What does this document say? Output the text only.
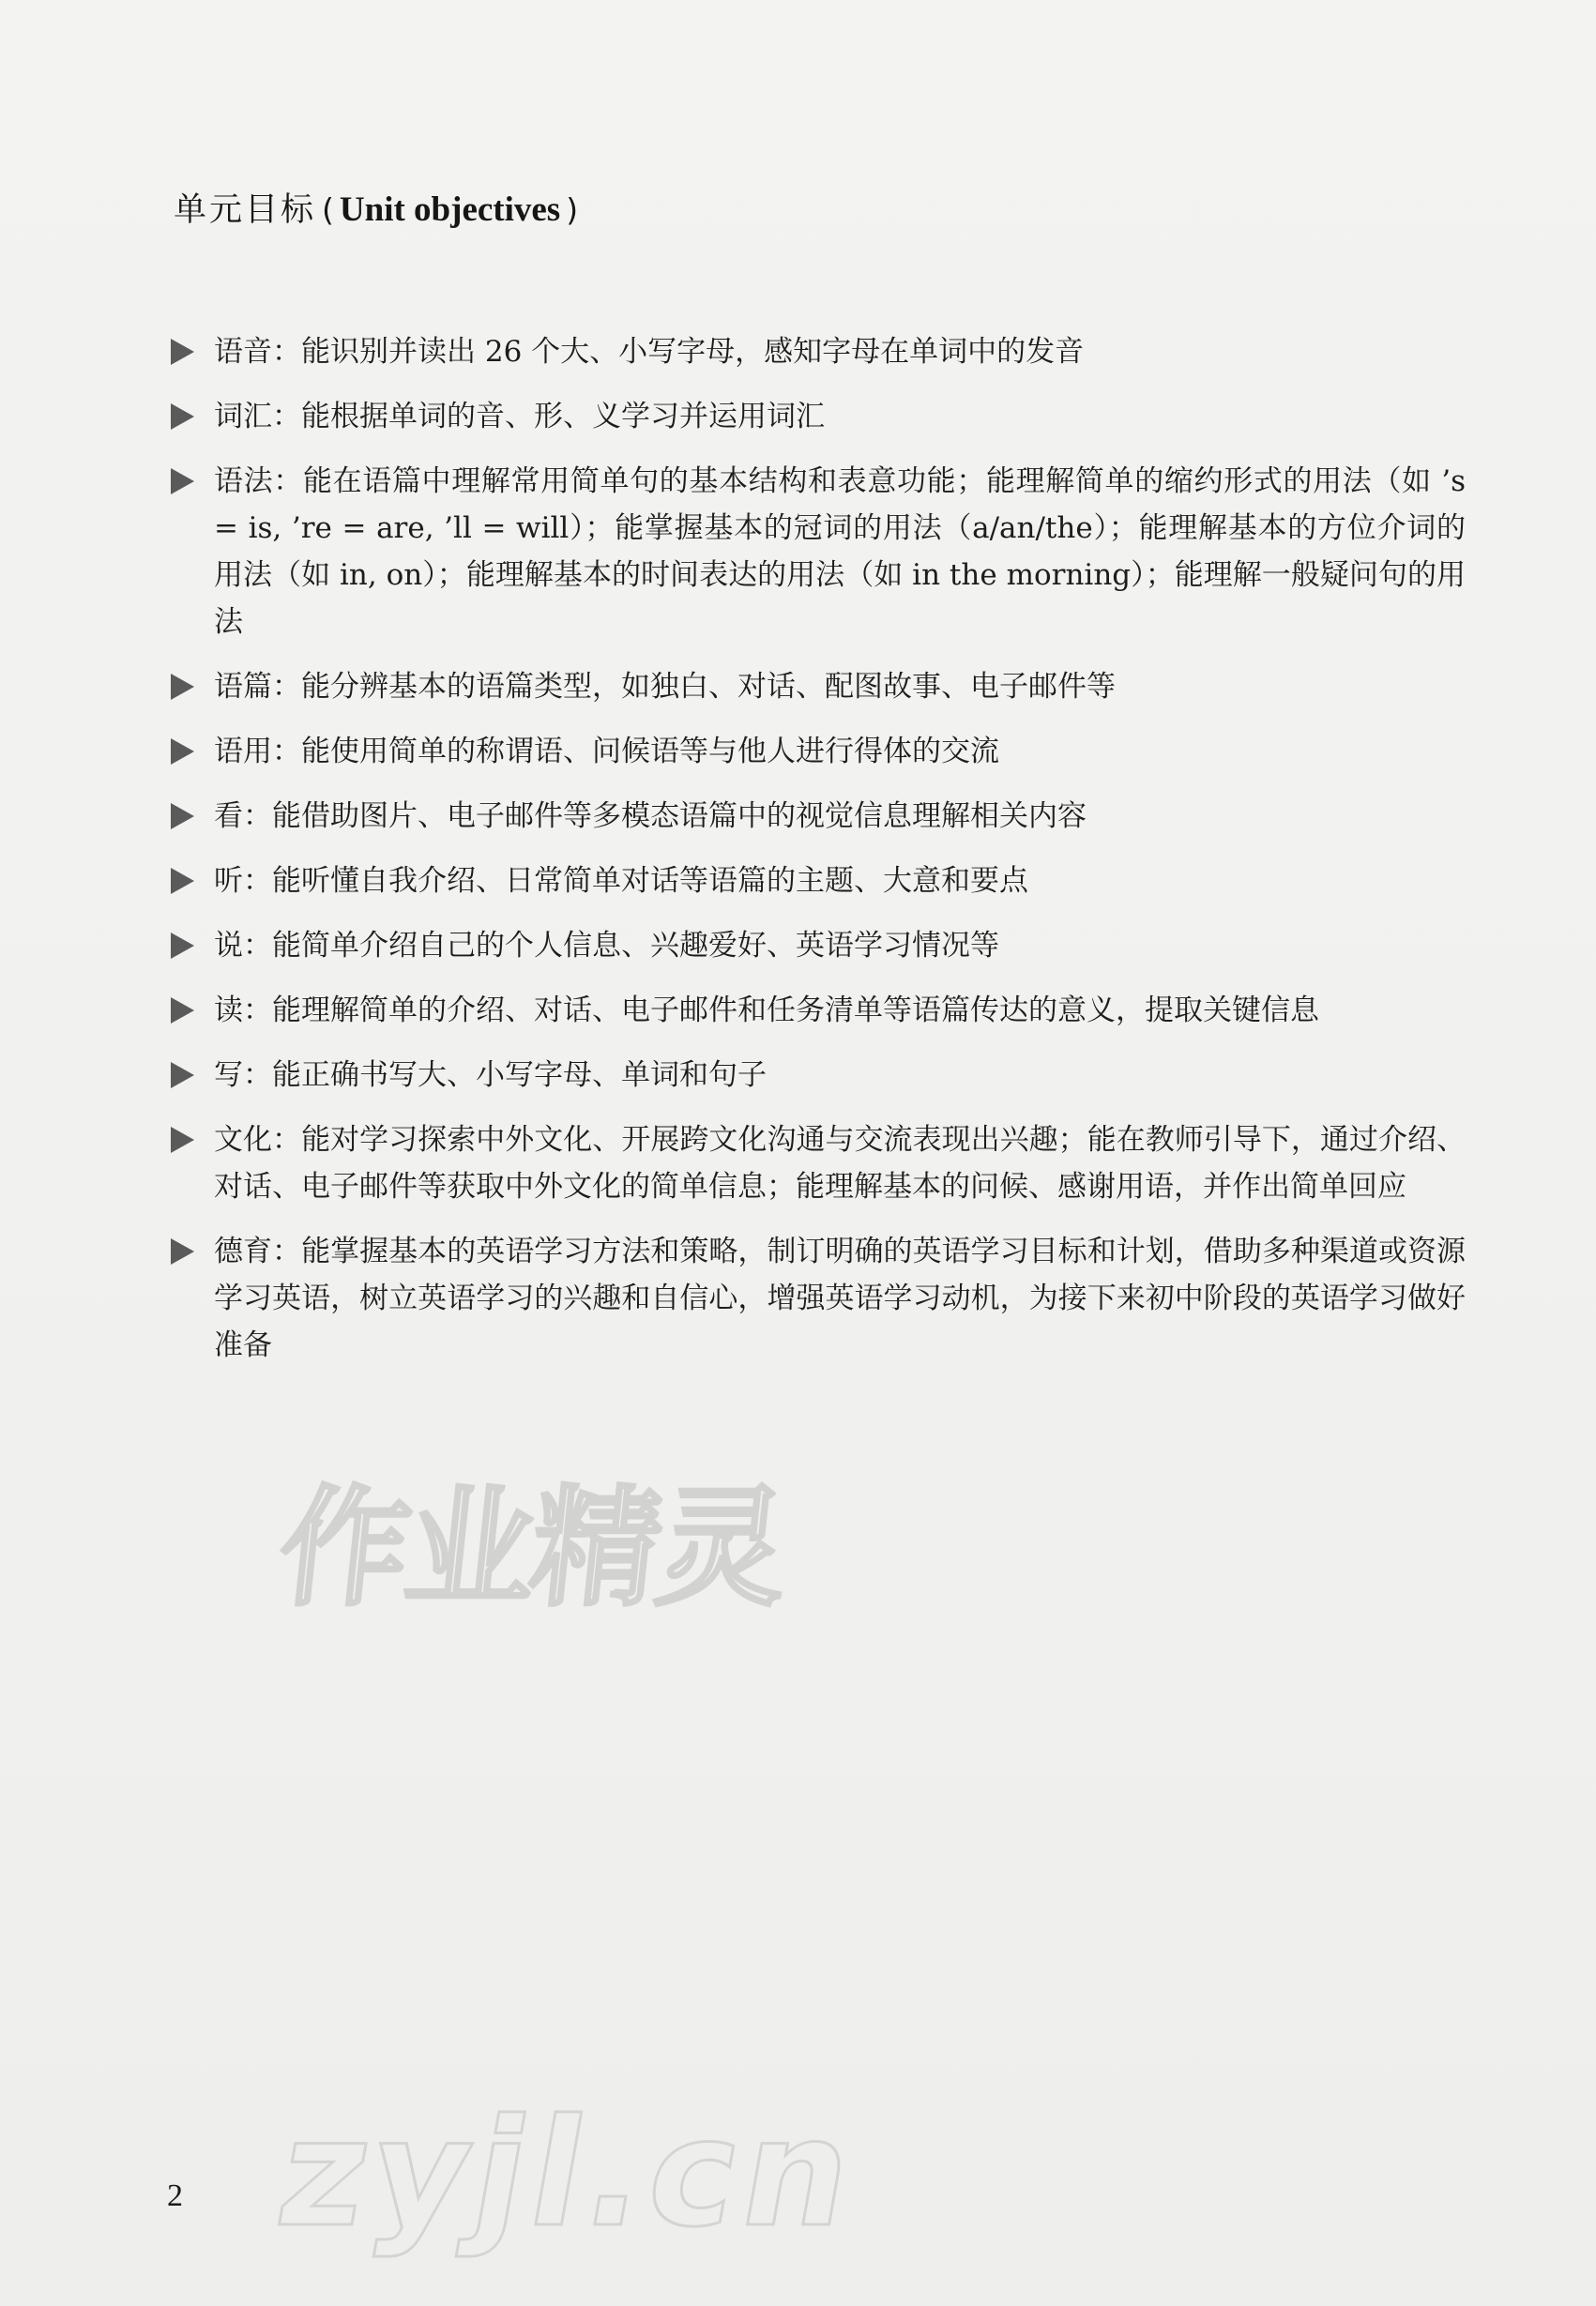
单元目标 ( Unit objectives )
语音：能识别并读出 26 个大、小写字母，感知字母在单词中的发音
词汇：能根据单词的音、形、义学习并运用词汇
语法：能在语篇中理解常用简单句的基本结构和表意功能；能理解简单的缩约形式的用法（如 ’s = is, ’re = are, ’ll = will）；能掌握基本的冠词的用法（a/an/the）；能理解基本的方位介词的用法（如 in, on）；能理解基本的时间表达的用法（如 in the morning）；能理解一般疑问句的用法
语篇：能分辨基本的语篇类型，如独白、对话、配图故事、电子邮件等
语用：能使用简单的称谓语、问候语等与他人进行得体的交流
看：能借助图片、电子邮件等多模态语篇中的视觉信息理解相关内容
听：能听懂自我介绍、日常简单对话等语篇的主题、大意和要点
说：能简单介绍自己的个人信息、兴趣爱好、英语学习情况等
读：能理解简单的介绍、对话、电子邮件和任务清单等语篇传达的意义，提取关键信息
写：能正确书写大、小写字母、单词和句子
文化：能对学习探索中外文化、开展跨文化沟通与交流表现出兴趣；能在教师引导下，通过介绍、对话、电子邮件等获取中外文化的简单信息；能理解基本的问候、感谢用语，并作出简单回应
德育：能掌握基本的英语学习方法和策略，制订明确的英语学习目标和计划，借助多种渠道或资源学习英语，树立英语学习的兴趣和自信心，增强英语学习动机，为接下来初中阶段的英语学习做好准备
作业精灵
zyjl.cn
2
